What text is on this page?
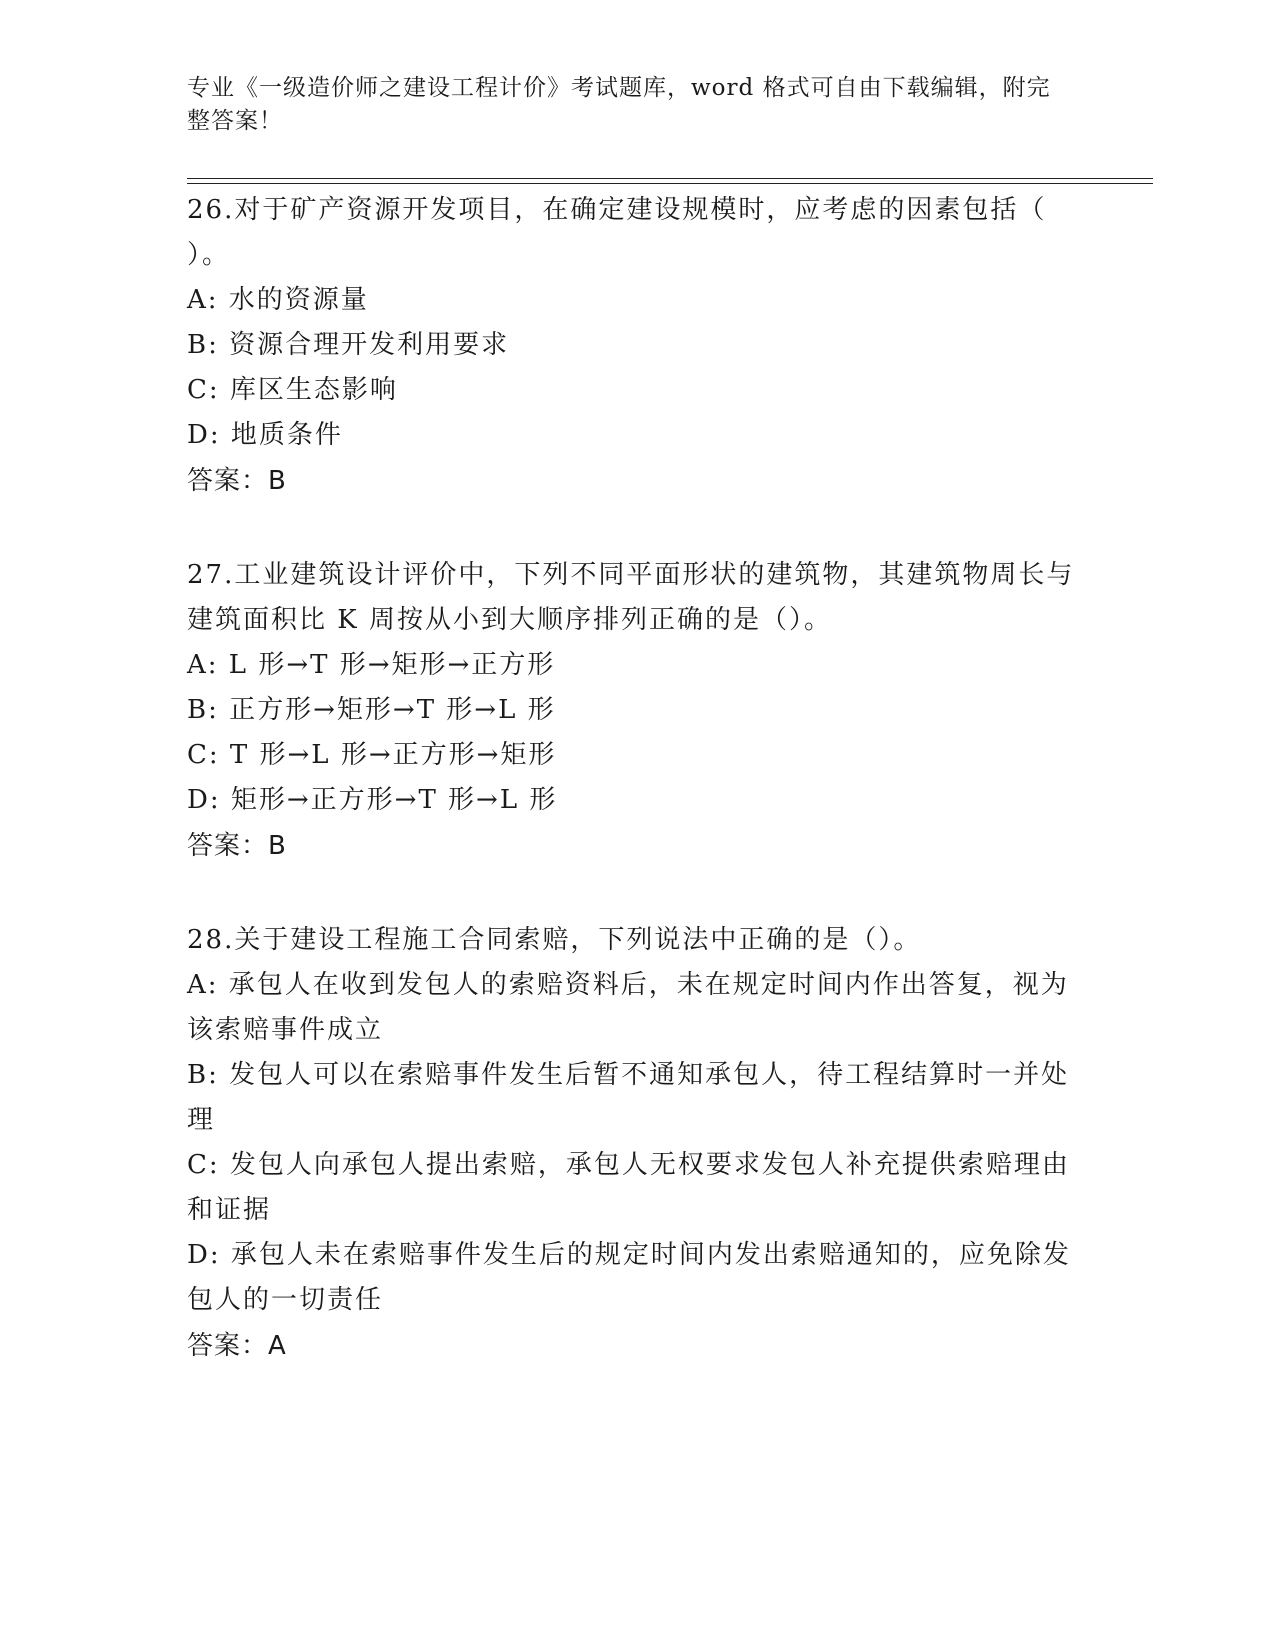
专业《一级造价师之建设工程计价》考试题库，word 格式可自由下载编辑，附完整答案！

26.对于矿产资源开发项目，在确定建设规模时，应考虑的因素包括（ ）。

A: 水的资源量

B: 资源合理开发利用要求

C: 库区生态影响

D: 地质条件

答案：B

27.工业建筑设计评价中，下列不同平面形状的建筑物，其建筑物周长与建筑面积比 K 周按从小到大顺序排列正确的是（）。

A: L 形→T 形→矩形→正方形

B: 正方形→矩形→T 形→L 形

C: T 形→L 形→正方形→矩形

D: 矩形→正方形→T 形→L 形

答案：B

28.关于建设工程施工合同索赔，下列说法中正确的是（）。

A: 承包人在收到发包人的索赔资料后，未在规定时间内作出答复，视为该索赔事件成立

B: 发包人可以在索赔事件发生后暂不通知承包人，待工程结算时一并处理

C: 发包人向承包人提出索赔，承包人无权要求发包人补充提供索赔理由和证据

D: 承包人未在索赔事件发生后的规定时间内发出索赔通知的，应免除发包人的一切责任

答案：A
